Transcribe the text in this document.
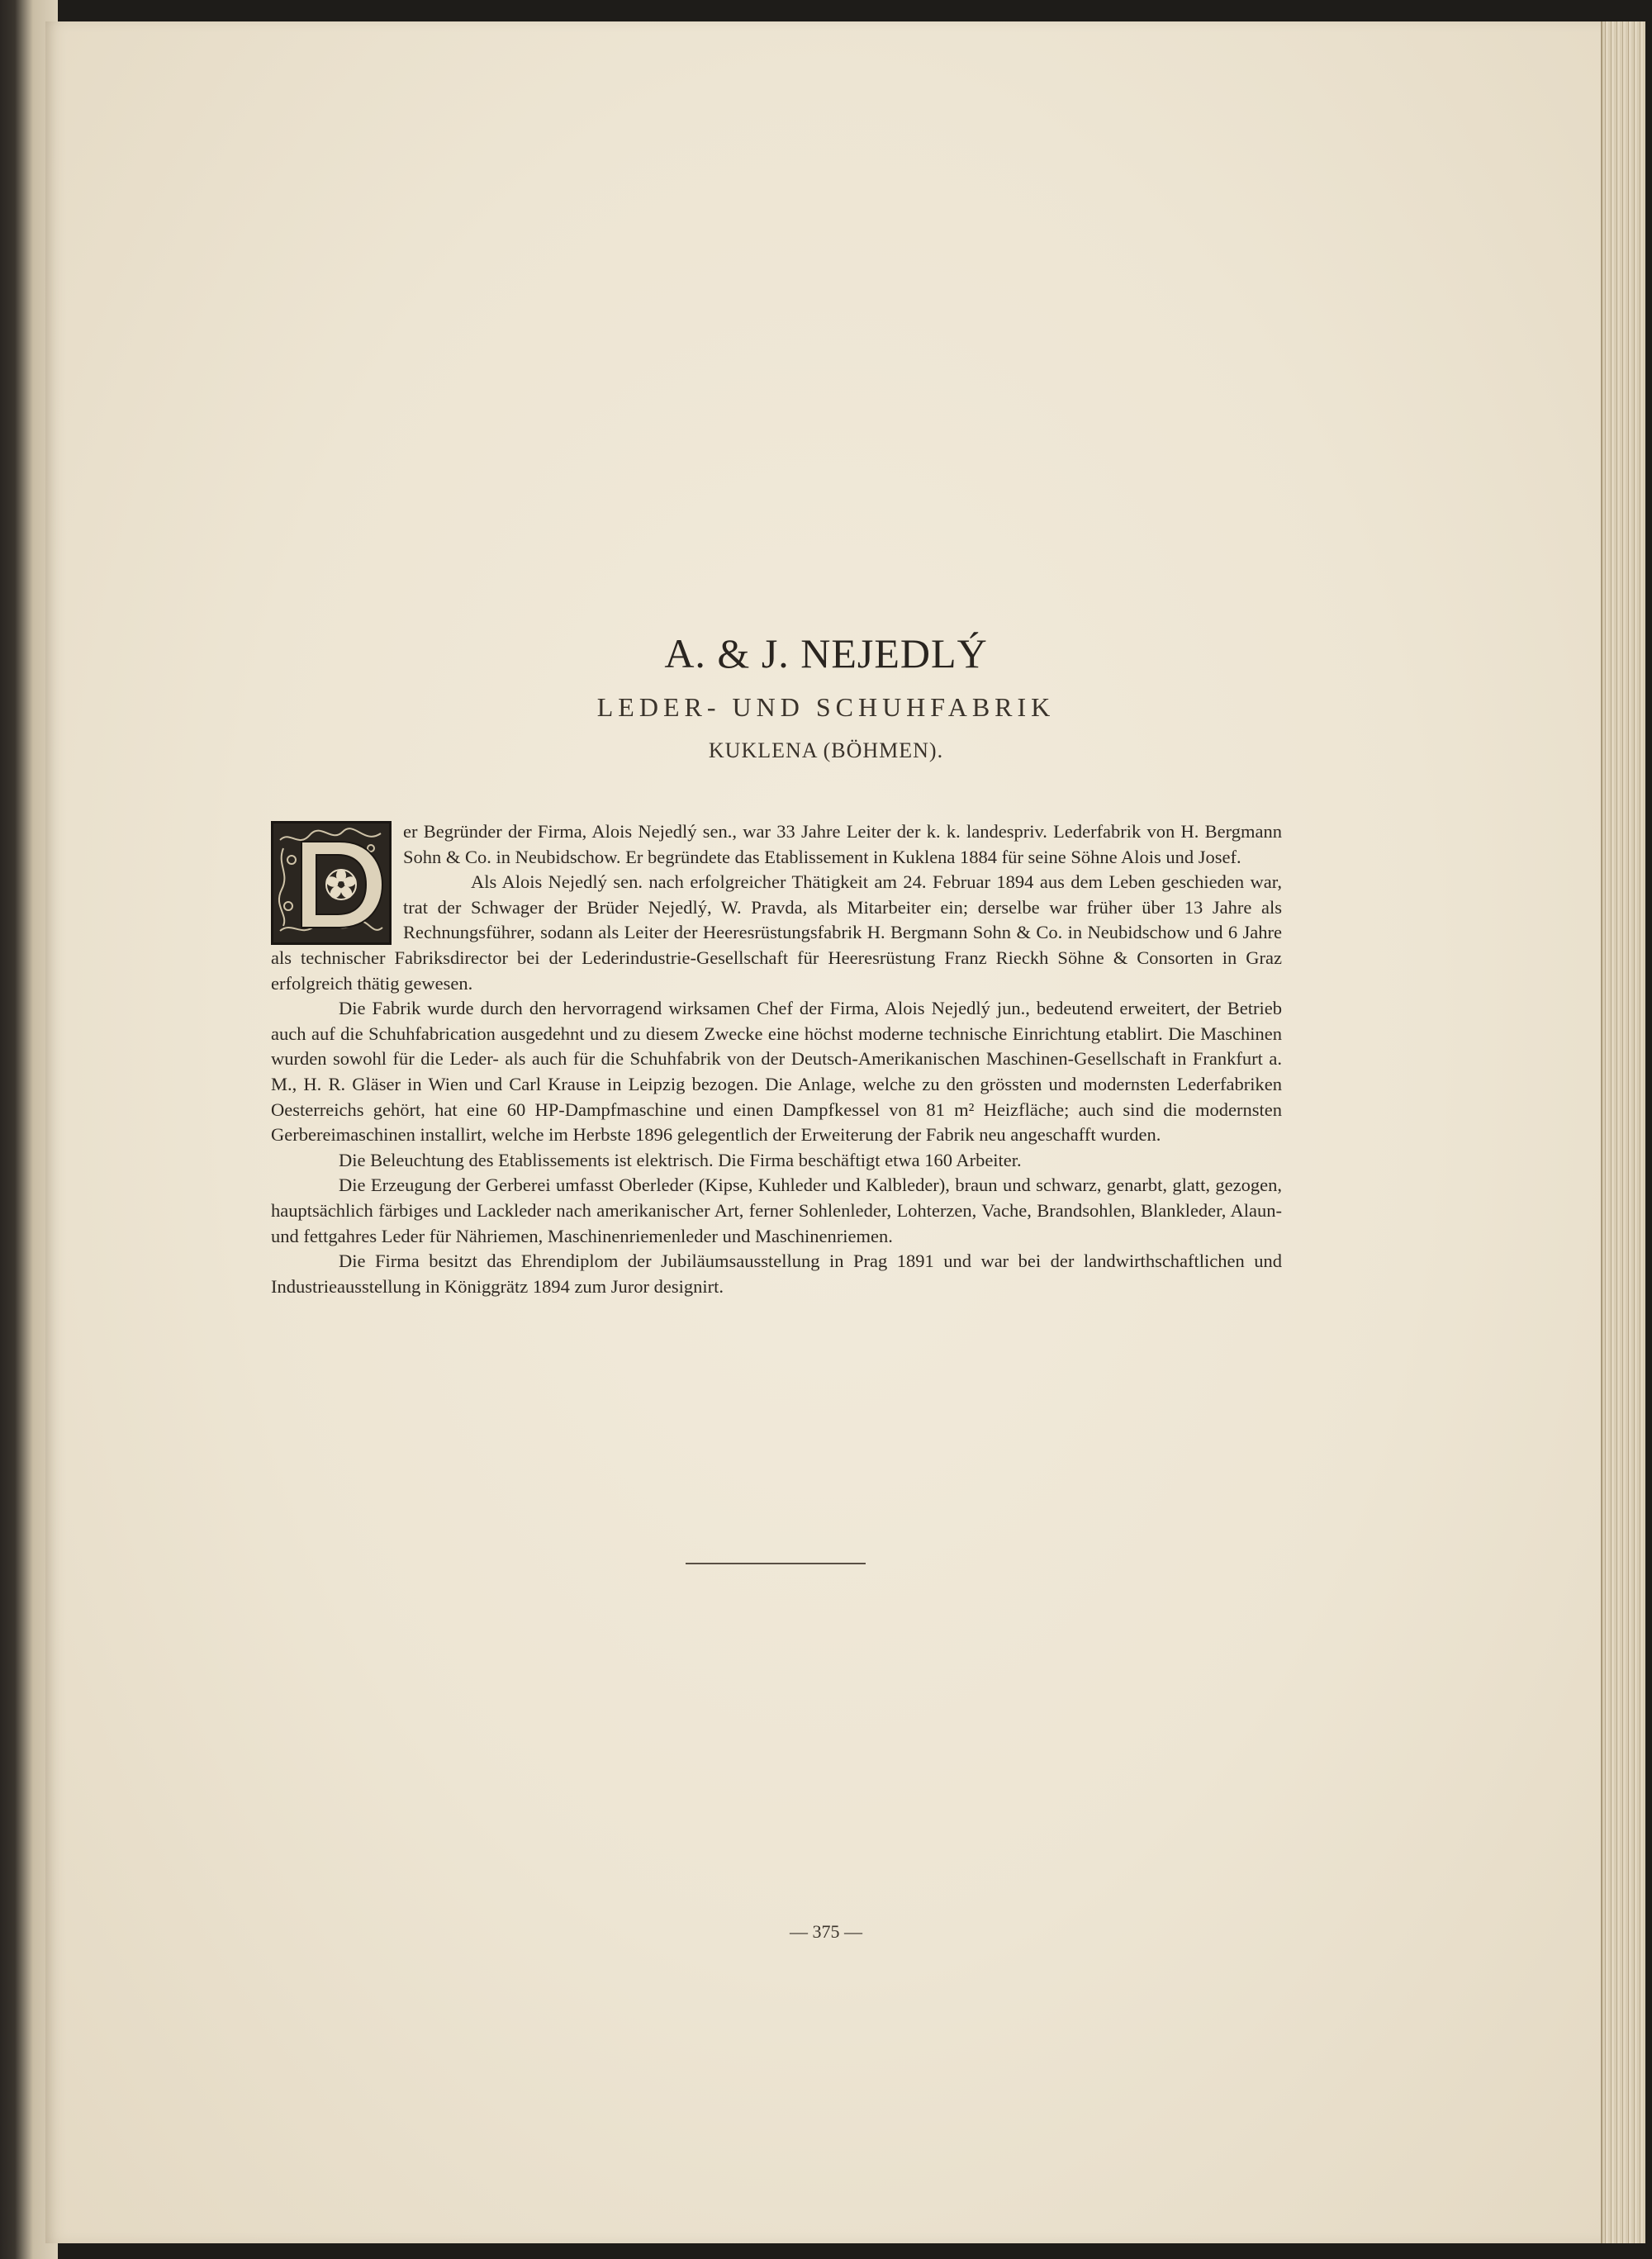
A. & J. NEJEDLÝ
LEDER- UND SCHUHFABRIK
KUKLENA (BÖHMEN).

er Begründer der Firma, Alois Nejedlý sen., war 33 Jahre Leiter der k. k. landespriv. Lederfabrik von H. Bergmann Sohn & Co. in Neubidschow. Er begründete das Etablissement in Kuklena 1884 für seine Söhne Alois und Josef.

Als Alois Nejedlý sen. nach erfolgreicher Thätigkeit am 24. Februar 1894 aus dem Leben geschieden war, trat der Schwager der Brüder Nejedlý, W. Pravda, als Mitarbeiter ein; derselbe war früher über 13 Jahre als Rechnungsführer, sodann als Leiter der Heeresrüstungsfabrik H. Bergmann Sohn & Co. in Neubidschow und 6 Jahre als technischer Fabriksdirector bei der Lederindustrie-Gesellschaft für Heeresrüstung Franz Rieckh Söhne & Consorten in Graz erfolgreich thätig gewesen.

Die Fabrik wurde durch den hervorragend wirksamen Chef der Firma, Alois Nejedlý jun., bedeutend erweitert, der Betrieb auch auf die Schuhfabrication ausgedehnt und zu diesem Zwecke eine höchst moderne technische Einrichtung etablirt. Die Maschinen wurden sowohl für die Leder- als auch für die Schuhfabrik von der Deutsch-Amerikanischen Maschinen-Gesellschaft in Frankfurt a. M., H. R. Gläser in Wien und Carl Krause in Leipzig bezogen. Die Anlage, welche zu den grössten und modernsten Lederfabriken Oesterreichs gehört, hat eine 60 HP-Dampfmaschine und einen Dampfkessel von 81 m² Heizfläche; auch sind die modernsten Gerbereimaschinen installirt, welche im Herbste 1896 gelegentlich der Erweiterung der Fabrik neu angeschafft wurden.

Die Beleuchtung des Etablissements ist elektrisch. Die Firma beschäftigt etwa 160 Arbeiter.

Die Erzeugung der Gerberei umfasst Oberleder (Kipse, Kuhleder und Kalbleder), braun und schwarz, genarbt, glatt, gezogen, hauptsächlich färbiges und Lackleder nach amerikanischer Art, ferner Sohlenleder, Lohterzen, Vache, Brandsohlen, Blankleder, Alaun- und fettgahres Leder für Nähriemen, Maschinenriemenleder und Maschinenriemen.

Die Firma besitzt das Ehrendiplom der Jubiläumsausstellung in Prag 1891 und war bei der landwirthschaftlichen und Industrieausstellung in Königgrätz 1894 zum Juror designirt.

— 375 —
